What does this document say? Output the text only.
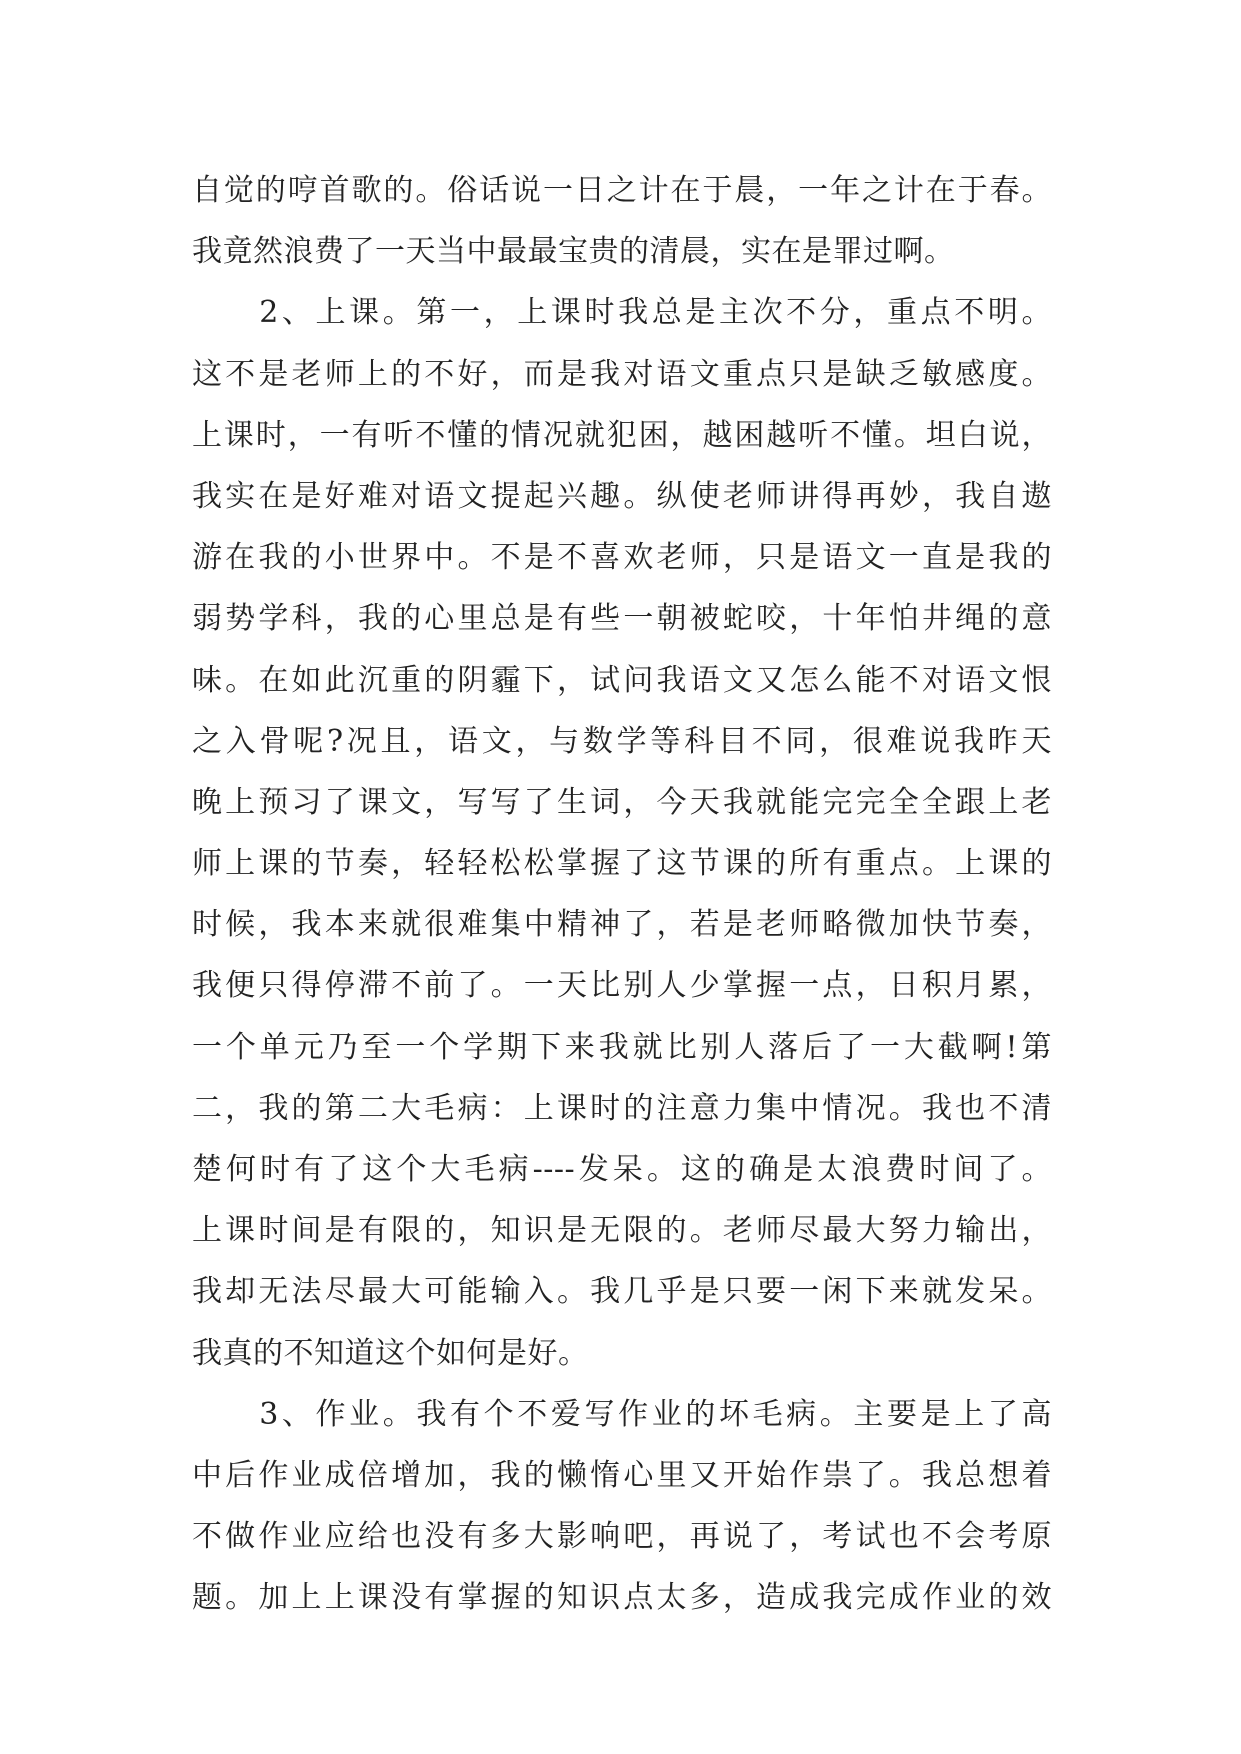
自觉的哼首歌的。俗话说一日之计在于晨，一年之计在于春。
我竟然浪费了一天当中最最宝贵的清晨，实在是罪过啊。
　　2、上课。第一，上课时我总是主次不分，重点不明。
这不是老师上的不好，而是我对语文重点只是缺乏敏感度。
上课时，一有听不懂的情况就犯困，越困越听不懂。坦白说，
我实在是好难对语文提起兴趣。纵使老师讲得再妙，我自遨
游在我的小世界中。不是不喜欢老师，只是语文一直是我的
弱势学科，我的心里总是有些一朝被蛇咬，十年怕井绳的意
味。在如此沉重的阴霾下，试问我语文又怎么能不对语文恨
之入骨呢?况且，语文，与数学等科目不同，很难说我昨天
晚上预习了课文，写写了生词，今天我就能完完全全跟上老
师上课的节奏，轻轻松松掌握了这节课的所有重点。上课的
时候，我本来就很难集中精神了，若是老师略微加快节奏，
我便只得停滞不前了。一天比别人少掌握一点，日积月累，
一个单元乃至一个学期下来我就比别人落后了一大截啊!第
二，我的第二大毛病：上课时的注意力集中情况。我也不清
楚何时有了这个大毛病----发呆。这的确是太浪费时间了。
上课时间是有限的，知识是无限的。老师尽最大努力输出，
我却无法尽最大可能输入。我几乎是只要一闲下来就发呆。
我真的不知道这个如何是好。
　　3、作业。我有个不爱写作业的坏毛病。主要是上了高
中后作业成倍增加，我的懒惰心里又开始作祟了。我总想着
不做作业应给也没有多大影响吧，再说了，考试也不会考原
题。加上上课没有掌握的知识点太多，造成我完成作业的效
